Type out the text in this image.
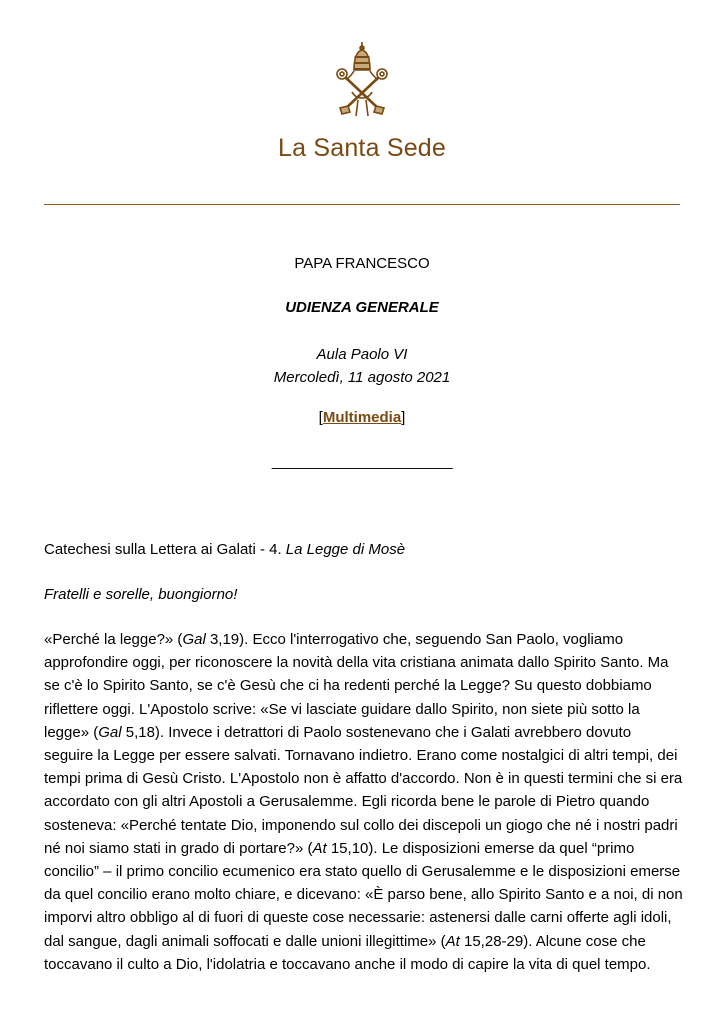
La Santa Sede
PAPA FRANCESCO
UDIENZA GENERALE
Aula Paolo VI
Mercoledì, 11 agosto 2021
[Multimedia]
_______________________
Catechesi sulla Lettera ai Galati - 4. La Legge di Mosè
Fratelli e sorelle, buongiorno!

«Perché la legge?» (Gal 3,19). Ecco l'interrogativo che, seguendo San Paolo, vogliamo approfondire oggi, per riconoscere la novità della vita cristiana animata dallo Spirito Santo. Ma se c'è lo Spirito Santo, se c'è Gesù che ci ha redenti perché la Legge? Su questo dobbiamo riflettere oggi. L'Apostolo scrive: «Se vi lasciate guidare dallo Spirito, non siete più sotto la legge» (Gal 5,18). Invece i detrattori di Paolo sostenevano che i Galati avrebbero dovuto seguire la Legge per essere salvati. Tornavano indietro. Erano come nostalgici di altri tempi, dei tempi prima di Gesù Cristo. L'Apostolo non è affatto d'accordo. Non è in questi termini che si era accordato con gli altri Apostoli a Gerusalemme. Egli ricorda bene le parole di Pietro quando sosteneva: «Perché tentate Dio, imponendo sul collo dei discepoli un giogo che né i nostri padri né noi siamo stati in grado di portare?» (At 15,10). Le disposizioni emerse da quel “primo concilio” – il primo concilio ecumenico era stato quello di Gerusalemme e le disposizioni emerse da quel concilio erano molto chiare, e dicevano: «È parso bene, allo Spirito Santo e a noi, di non imporvi altro obbligo al di fuori di queste cose necessarie: astenersi dalle carni offerte agli idoli, dal sangue, dagli animali soffocati e dalle unioni illegittime» (At 15,28-29). Alcune cose che toccavano il culto a Dio, l'idolatria e toccavano anche il modo di capire la vita di quel tempo.
